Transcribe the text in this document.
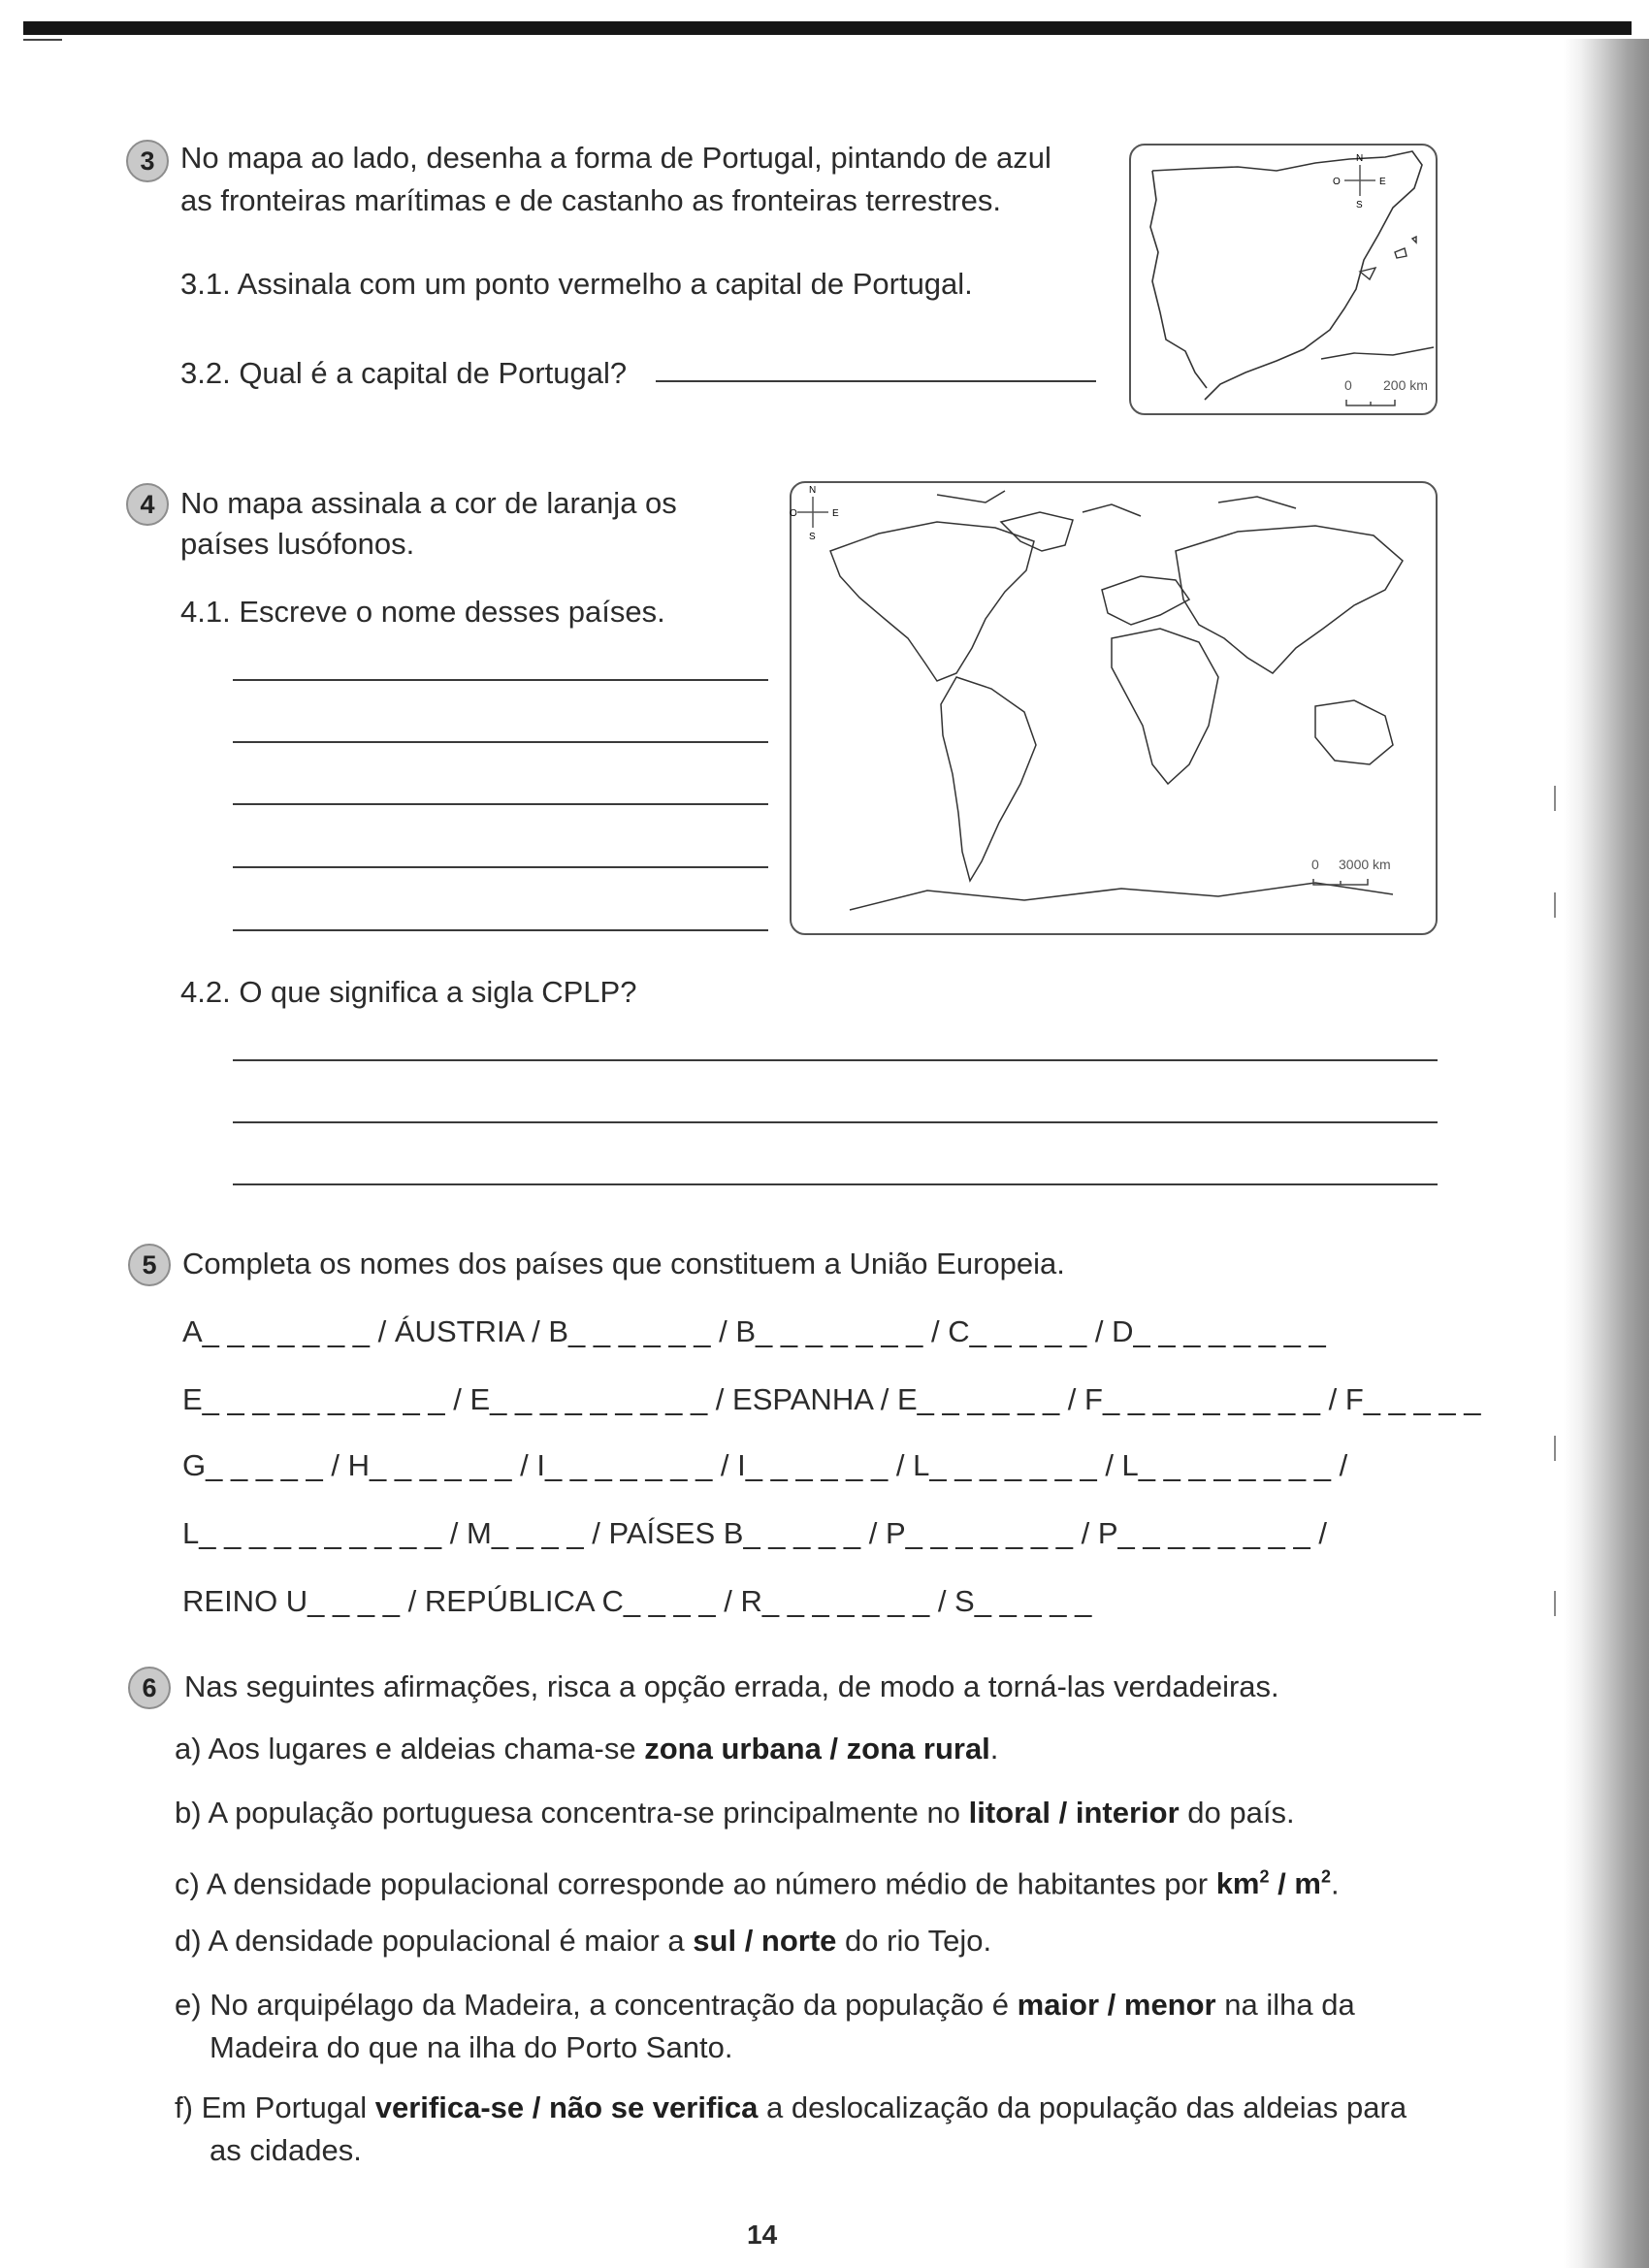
3 No mapa ao lado, desenha a forma de Portugal, pintando de azul
as fronteiras marítimas e de castanho as fronteiras terrestres.
3.1. Assinala com um ponto vermelho a capital de Portugal.
3.2. Qual é a capital de Portugal?
N
S
E
O
0 200 km
4 No mapa assinala a cor de laranja os
países lusófonos.
4.1. Escreve o nome desses países.
N
S
E
O
0 3000 km
4.2. O que significa a sigla CPLP?
5 Completa os nomes dos países que constituem a União Europeia.
A_ _ _ _ _ _ _ / ÁUSTRIA / B_ _ _ _ _ _ / B_ _ _ _ _ _ _ / C_ _ _ _ _ / D_ _ _ _ _ _ _ _
E_ _ _ _ _ _ _ _ _ _ / E_ _ _ _ _ _ _ _ _ / ESPANHA / E_ _ _ _ _ _ / F_ _ _ _ _ _ _ _ _ / F_ _ _ _ _
G_ _ _ _ _ / H_ _ _ _ _ _ / I_ _ _ _ _ _ _ / I_ _ _ _ _ _ / L_ _ _ _ _ _ _ / L_ _ _ _ _ _ _ _ /
L_ _ _ _ _ _ _ _ _ _ / M_ _ _ _ / PAÍSES B_ _ _ _ _ / P_ _ _ _ _ _ _ / P_ _ _ _ _ _ _ _ /
REINO U_ _ _ _ / REPÚBLICA C_ _ _ _ / R_ _ _ _ _ _ _ / S_ _ _ _ _
6 Nas seguintes afirmações, risca a opção errada, de modo a torná-las verdadeiras.
a) Aos lugares e aldeias chama-se zona urbana / zona rural.
b) A população portuguesa concentra-se principalmente no litoral / interior do país.
c) A densidade populacional corresponde ao número médio de habitantes por $km^2 / m^2$.
d) A densidade populacional é maior a sul / norte do rio Tejo.
e) No arquipélago da Madeira, a concentração da população é maior / menor na ilha da
Madeira do que na ilha do Porto Santo.
f) Em Portugal verifica-se / não se verifica a deslocalização da população das aldeias para
as cidades.
14
